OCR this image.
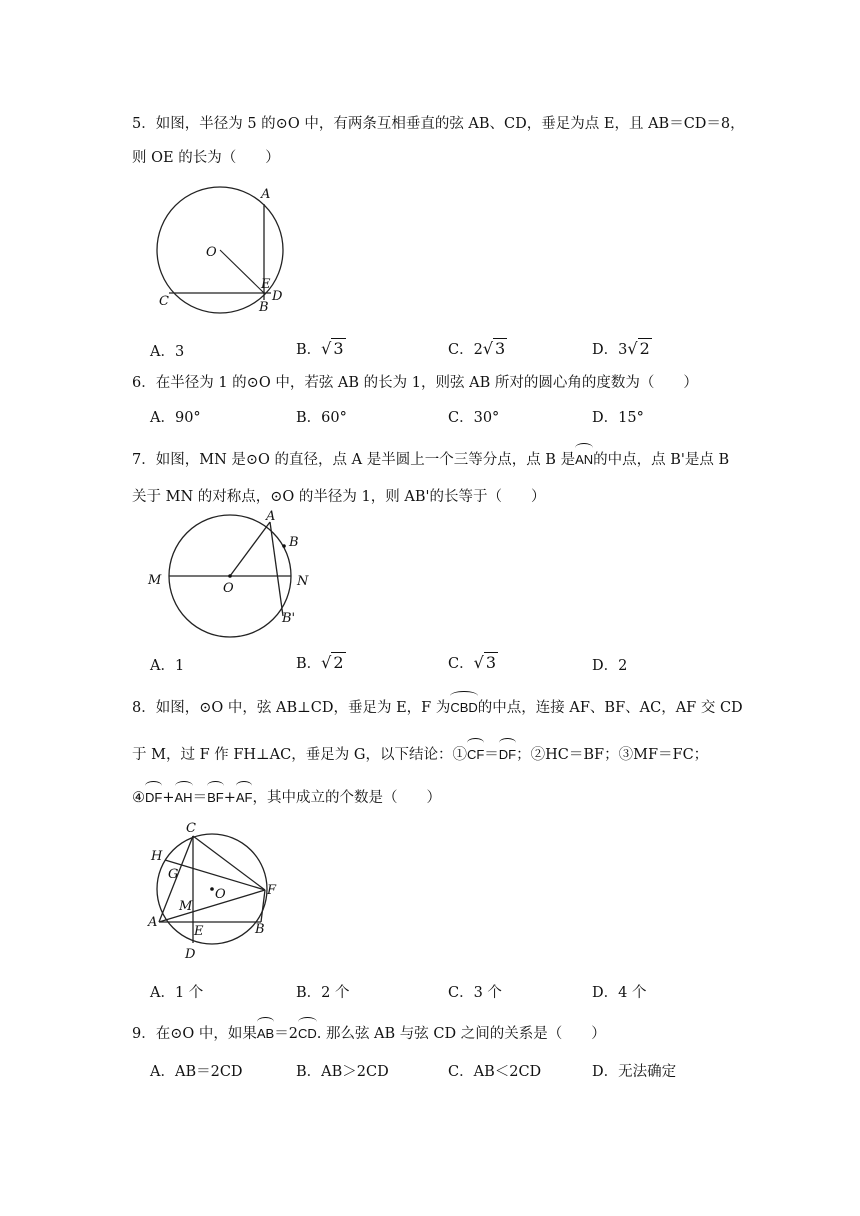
5．如图，半径为 5 的⊙O 中，有两条互相垂直的弦 AB、CD，垂足为点 E，且 AB＝CD＝8，
则 OE 的长为（　　）
A
O
E
D
C	B
A．3	B．√ 3	C．2√ 3	D．3√ 2
6．在半径为 1 的⊙O 中，若弦 AB 的长为 1，则弦 AB 所对的圆心角的度数为（　　）
A．90°	B．60°	C．30°	D．15°
7．如图，MN 是⊙O 的直径，点 A 是半圆上一个三等分点，点 B 是AN的中点，点 B'是点 B
关于 MN 的对称点，⊙O 的半径为 1，则 AB'的长等于（　　）
A
B
M
O	N
B'
A．1	B．√ 2	C．√ 3	D．2
8．如图，⊙O 中，弦 AB⊥CD，垂足为 E，F 为CBD的中点，连接 AF、BF、AC，AF 交 CD
于 M，过 F 作 FH⊥AC，垂足为 G，以下结论：①CF＝DF；②HC＝BF；③MF＝FC；
④DF+AH＝BF+AF，其中成立的个数是（　　）
C
H
G
O	F
M
A
E	B
D
A．1 个	B．2 个	C．3 个	D．4 个
9．在⊙O 中，如果AB＝2CD. 那么弦 AB 与弦 CD 之间的关系是（　　）
A．AB＝2CD	B．AB＞2CD	C．AB＜2CD	D．无法确定
